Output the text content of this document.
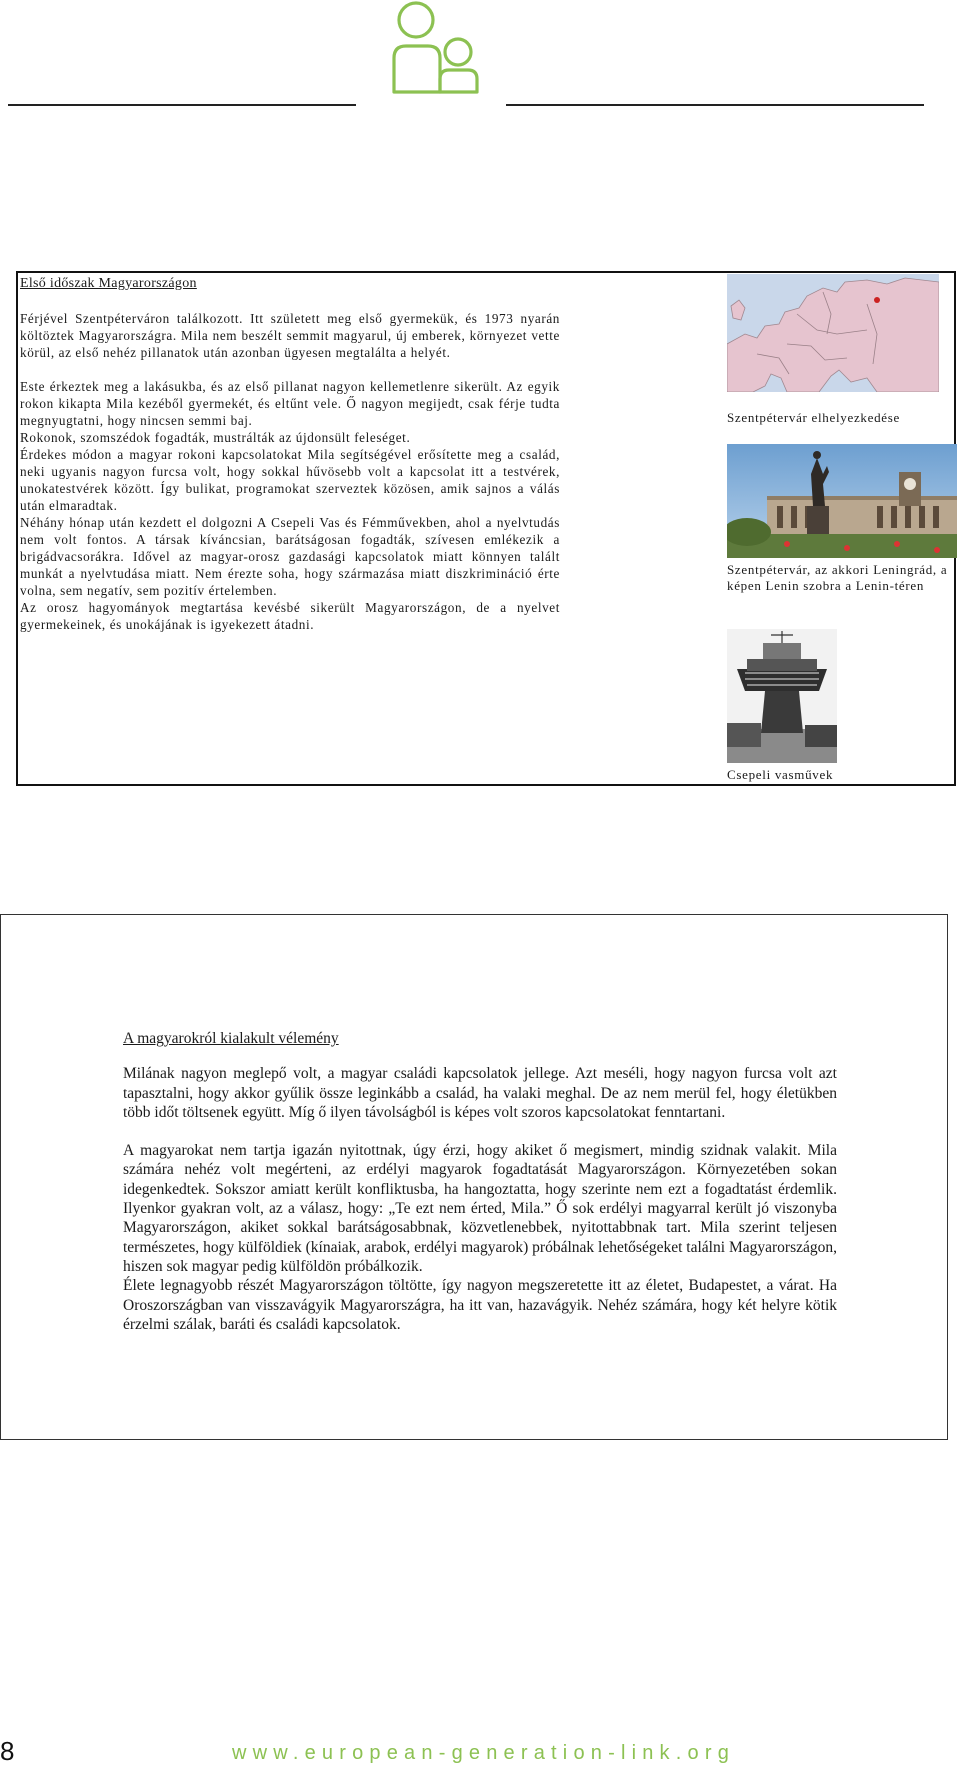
Első időszak Magyarországon

Férjével Szentpéterváron találkozott. Itt született meg első gyermekük, és 1973 nyarán költöztek Magyarországra. Mila nem beszélt semmit magyarul, új emberek, környezet vette körül, az első nehéz pillanatok után azonban ügyesen megtalálta a helyét.

Este érkeztek meg a lakásukba, és az első pillanat nagyon kellemetlenre sikerült. Az egyik rokon kikapta Mila kezéből gyermekét, és eltűnt vele. Ő nagyon megijedt, csak férje tudta megnyugtatni, hogy nincsen semmi baj.

Rokonok, szomszédok fogadták, mustrálták az újdonsült feleséget.

Érdekes módon a magyar rokoni kapcsolatokat Mila segítségével erősítette meg a család, neki ugyanis nagyon furcsa volt, hogy sokkal hűvösebb volt a kapcsolat itt a testvérek, unokatestvérek között. Így bulikat, programokat szerveztek közösen, amik sajnos a válás után elmaradtak.

Néhány hónap után kezdett el dolgozni A Csepeli Vas és Fémművekben, ahol a nyelvtudás nem volt fontos. A társak kíváncsian, barátságosan fogadták, szívesen emlékezik a brigádvacsorákra. Idővel az magyar-orosz gazdasági kapcsolatok miatt könnyen talált munkát a nyelvtudása miatt. Nem érezte soha, hogy származása miatt diszkrimináció érte volna, sem negatív, sem pozitív értelemben.

Az orosz hagyományok megtartása kevésbé sikerült Magyarországon, de a nyelvet gyermekeinek, és unokájának is igyekezett átadni.

Szentpétervár elhelyezkedése
Szentpétervár, az akkori Leningrád, a képen Lenin szobra a Lenin-téren
Csepeli vasművek
A magyarokról kialakult vélemény

Milának nagyon meglepő volt, a magyar családi kapcsolatok jellege. Azt meséli, hogy nagyon furcsa volt azt tapasztalni, hogy akkor gyűlik össze leginkább a család, ha valaki meghal. De az nem merül fel, hogy életükben több időt töltsenek együtt. Míg ő ilyen távolságból is képes volt szoros kapcsolatokat fenntartani.

A magyarokat nem tartja igazán nyitottnak, úgy érzi, hogy akiket ő megismert, mindig szidnak valakit. Mila számára nehéz volt megérteni, az erdélyi magyarok fogadtatását Magyarországon. Környezetében sokan idegenkedtek. Sokszor amiatt került konfliktusba, ha hangoztatta, hogy szerinte nem ezt a fogadtatást érdemlik. Ilyenkor gyakran volt, az a válasz, hogy: „Te ezt nem érted, Mila.” Ő sok erdélyi magyarral került jó viszonyba Magyarországon, akiket sokkal barátságosabbnak, közvetlenebbek, nyitottabbnak tart. Mila szerint teljesen természetes, hogy külföldiek (kínaiak, arabok, erdélyi magyarok) próbálnak lehetőségeket találni Magyarországon, hiszen sok magyar pedig külföldön próbálkozik.

Élete legnagyobb részét Magyarországon töltötte, így nagyon megszeretette itt az életet, Budapestet, a várat. Ha Oroszországban van visszavágyik Magyarországra, ha itt van, hazavágyik. Nehéz számára, hogy két helyre kötik érzelmi szálak, baráti és családi kapcsolatok.

8	www.european-generation-link.org
